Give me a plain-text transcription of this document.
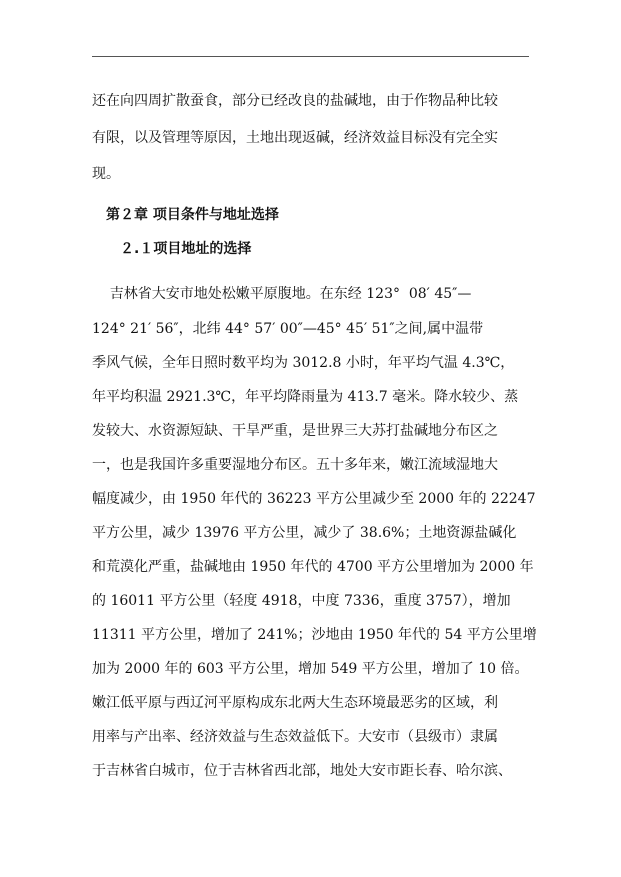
还在向四周扩散蚕食，部分已经改良的盐碱地，由于作物品种比较
有限，以及管理等原因，土地出现返碱，经济效益目标没有完全实
现。
第２章 项目条件与地址选择
２.１项目地址的选择
吉林省大安市地处松嫩平原腹地。在东经 123°  08′ 45″—
124° 21′ 56″，北纬 44° 57′ 00″—45° 45′ 51″之间,属中温带
季风气候，全年日照时数平均为 3012.8 小时，年平均气温 4.3℃，
年平均积温 2921.3℃，年平均降雨量为 413.7 毫米。降水较少、蒸
发较大、水资源短缺、干旱严重，是世界三大苏打盐碱地分布区之
一，也是我国许多重要湿地分布区。五十多年来，嫩江流域湿地大
幅度减少，由 1950 年代的 36223 平方公里减少至 2000 年的 22247
平方公里，减少 13976 平方公里，减少了 38.6%；土地资源盐碱化
和荒漠化严重，盐碱地由 1950 年代的 4700 平方公里增加为 2000 年
的 16011 平方公里（轻度 4918，中度 7336，重度 3757），增加
11311 平方公里，增加了 241%；沙地由 1950 年代的 54 平方公里增
加为 2000 年的 603 平方公里，增加 549 平方公里，增加了 10 倍。
嫩江低平原与西辽河平原构成东北两大生态环境最恶劣的区域，利
用率与产出率、经济效益与生态效益低下。大安市（县级市）隶属
于吉林省白城市，位于吉林省西北部，地处大安市距长春、哈尔滨、
